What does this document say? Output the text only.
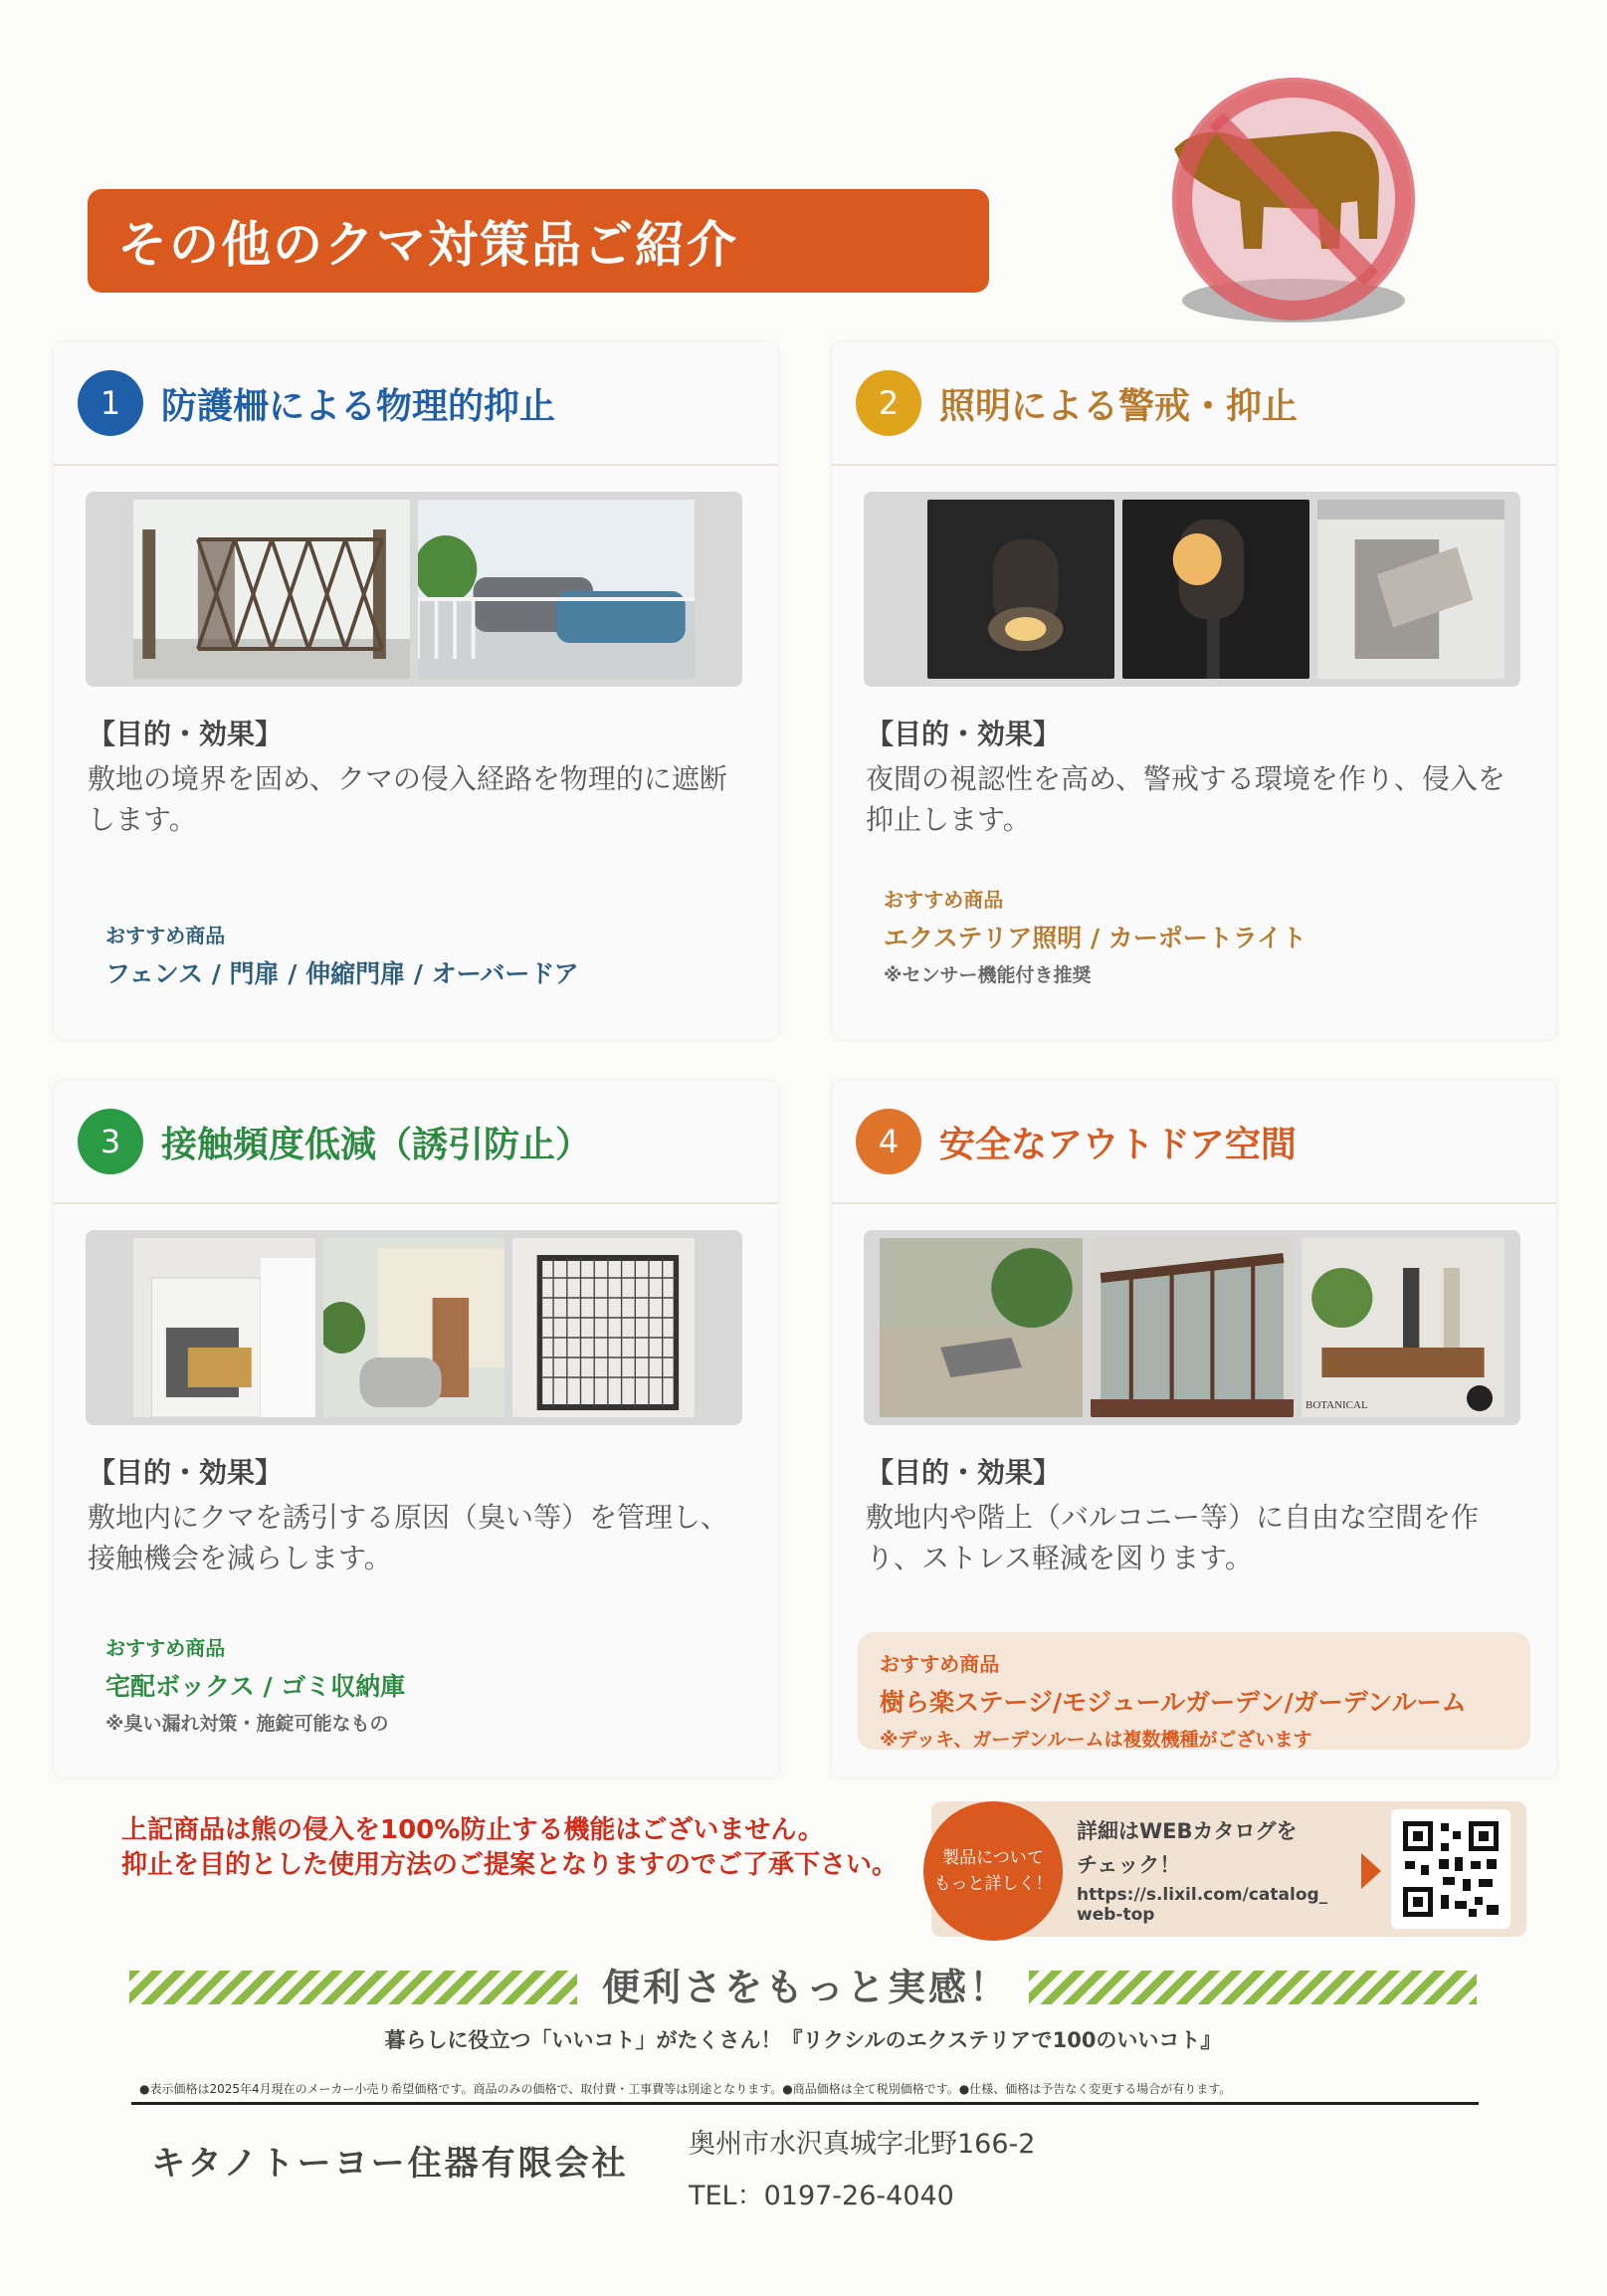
その他のクマ対策品ご紹介
1	防護柵による物理的抑止
【目的・効果】
敷地の境界を固め、クマの侵入経路を物理的に遮断します。
おすすめ商品
フェンス / 門扉 / 伸縮門扉 / オーバードア
2	照明による警戒・抑止
【目的・効果】
夜間の視認性を高め、警戒する環境を作り、侵入を抑止します。
おすすめ商品
エクステリア照明 / カーポートライト
※センサー機能付き推奨
3	接触頻度低減（誘引防止）
【目的・効果】
敷地内にクマを誘引する原因（臭い等）を管理し、接触機会を減らします。
おすすめ商品
宅配ボックス / ゴミ収納庫
※臭い漏れ対策・施錠可能なもの
4	安全なアウトドア空間
BOTANICAL
【目的・効果】
敷地内や階上（バルコニー等）に自由な空間を作り、ストレス軽減を図ります。
おすすめ商品
樹ら楽ステージ/モジュールガーデン/ガーデンルーム
※デッキ、ガーデンルームは複数機種がございます
上記商品は熊の侵入を100%防止する機能はございません。
抑止を目的とした使用方法のご提案となりますのでご了承下さい。	製品について
もっと詳しく！
詳細はWEBカタログを
チェック！
https://s.lixil.com/catalog_
web-top
便利さをもっと実感！
暮らしに役立つ「いいコト」がたくさん！『リクシルのエクステリアで100のいいコト』
●表示価格は2025年4月現在のメーカー小売り希望価格です。商品のみの価格で、取付費・工事費等は別途となります。●商品価格は全て税別価格です。●仕様、価格は予告なく変更する場合が有ります。
キタノトーヨー住器有限会社 奥州市水沢真城字北野166-2
TEL：0197-26-4040
